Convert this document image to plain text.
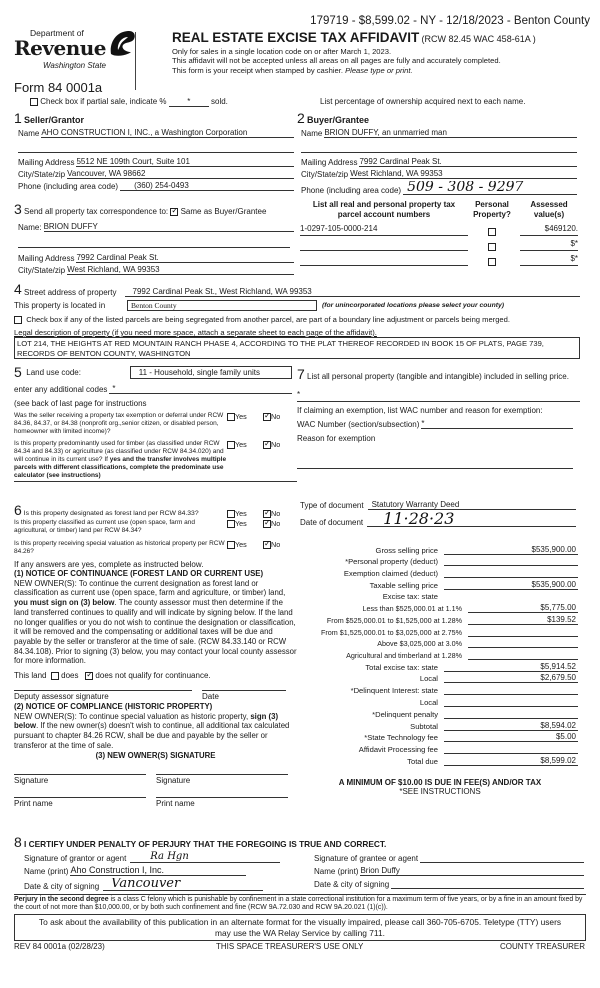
179719 - $8,599.02 - NY - 12/18/2023 - Benton County
Department of
Revenue
Washington State
Form 84 0001a
REAL ESTATE EXCISE TAX AFFIDAVIT (RCW 82.45 WAC 458-61A )
Only for sales in a single location code on or after March 1, 2023.
This affidavit will not be accepted unless all areas on all pages are fully and accurately completed.
This form is your receipt when stamped by cashier. Please type or print.
Check box if partial sale, indicate %	*	sold.	List percentage of ownership acquired next to each name.
1 Seller/Grantor
Name AHO CONSTRUCTION I, INC., a Washington Corporation
Mailing Address 5512 NE 109th Court, Suite 101
City/State/zip Vancouver, WA 98662
Phone (including area code)	(360) 254-0493
3 Send all property tax correspondence to: ✓ Same as Buyer/Grantee
Name: BRION DUFFY
Mailing Address 7992 Cardinal Peak St.
City/State/zip West Richland, WA 99353
2 Buyer/Grantee
Name BRION DUFFY, an unmarried man
Mailing Address 7992 Cardinal Peak St.
City/State/zip West Richland, WA 99353
Phone (including area code) 509 - 308 - 9297
List all real and personal property tax parcel account numbers
Personal Property?
Assessed value(s)
1-0297-105-0000-214	$469120.
$*
$*
4
Street address of property	7992 Cardinal Peak St., West Richland, WA 99353
This property is located in	Benton County	(for unincorporated locations please select your county)

Check box if any of the listed parcels are being segregated from another parcel, are part of a boundary line adjustment or parcels being merged.
Legal description of property (if you need more space, attach a separate sheet to each page of the affidavit).
LOT 214, THE HEIGHTS AT RED MOUNTAIN RANCH PHASE 4, ACCORDING TO THE PLAT THEREOF RECORDED IN BOOK 15 OF PLATS, PAGE 739, RECORDS OF BENTON COUNTY, WASHINGTON
5
Land use code:	11 - Household, single family units
enter any additional codes *
(see back of last page for instructions
Was the seller receiving a property tax exemption or deferral under RCW 84.36, 84.37, or 84.38 (nonprofit org.,senior citizen, or disabled person, homeowner with limited income)?
Yes ✓	No
Is this property predominantly used for timber (as classified under RCW 84.34 and 84.33) or agriculture (as classified under RCW 84.34.020) and will continue in its current use? If yes and the transfer involves multiple parcels with different classifications, complete the predominate use calculator (see instructions)
Yes ✓	No
7 List all personal property (tangible and intangible) included in selling price.
*
If claiming an exemption, list WAC number and reason for exemption:
WAC Number (section/subsection) *
Reason for exemption
6 Is this property designated as forest land per RCW 84.33?	Yes ✓	No
Is this property classified as current use (open space, farm and agricultural, or timber) land per RCW 84.34?
Yes ✓	No
Is this property receiving special valuation as historical property per RCW 84.26?
Yes ✓	No
If any answers are yes, complete as instructed below.
(1) NOTICE OF CONTINUANCE (FOREST LAND OR CURRENT USE)
NEW OWNER(S): To continue the current designation as forest land or classification as current use (open space, farm and agriculture, or timber) land, you must sign on (3) below. The county assessor must then determine if the land transferred continues to qualify and will indicate by signing below. If the land no longer qualifies or you do not wish to continue the designation or classification, it will be removed and the compensating or additional taxes will be due and payable by the seller or transferor at the time of sale. (RCW 84.33.140 or RCW 84.34.108). Prior to signing (3) below, you may contact your local county assessor for more information.
This land

does
✓
does not qualify for continuance.
Deputy assessor signature	Date
(2) NOTICE OF COMPLIANCE (HISTORIC PROPERTY)
NEW OWNER(S): To continue special valuation as historic property, sign (3) below. If the new owner(s) doesn't wish to continue, all additional tax calculated pursuant to chapter 84.26 RCW, shall be due and payable by the seller or transferor at the time of sale.
(3) NEW OWNER(S) SIGNATURE
Signature	Signature
Print name	Print name
Type of document	Statutory Warranty Deed
Date of document	11·28·23
Gross selling price	$535,900.00
*Personal property (deduct)
Exemption claimed (deduct)
Taxable selling price	$535,900.00
Excise tax: state
Less than $525,000.01 at 1.1%	$5,775.00
From $525,000.01 to $1,525,000 at 1.28%	$139.52
From $1,525,000.01 to $3,025,000 at 2.75%
Above $3,025,000 at 3.0%
Agricultural and timberland at 1.28%
Total excise tax: state	$5,914.52
Local	$2,679.50
*Delinquent Interest: state
Local
*Delinquent penalty
Subtotal	$8,594.02
*State Technology fee	$5.00
Affidavit Processing fee
Total due	$8,599.02
A MINIMUM OF $10.00 IS DUE IN FEE(S) AND/OR TAX
*SEE INSTRUCTIONS
8 I CERTIFY UNDER PENALTY OF PERJURY THAT THE FOREGOING IS TRUE AND CORRECT.
Signature of grantor or agent	Ra Hgn
Name (print) Aho Construction I, Inc.
Date & city of signing Vancouver
Signature of grantee or agent
Name (print) Brion Duffy
Date & city of signing
Perjury in the second degree is a class C felony which is punishable by confinement in a state correctional institution for a maximum term of five years, or by a fine in an amount fixed by the court of not more than $10,000.00, or by both such confinement and fine (RCW 9A.72.030 and RCW 9A.20.021 (1)(c)).
To ask about the availability of this publication in an alternate format for the visually impaired, please call 360-705-6705. Teletype (TTY) users may use the WA Relay Service by calling 711.
REV 84 0001a (02/28/23)	THIS SPACE TREASURER'S USE ONLY	COUNTY TREASURER
